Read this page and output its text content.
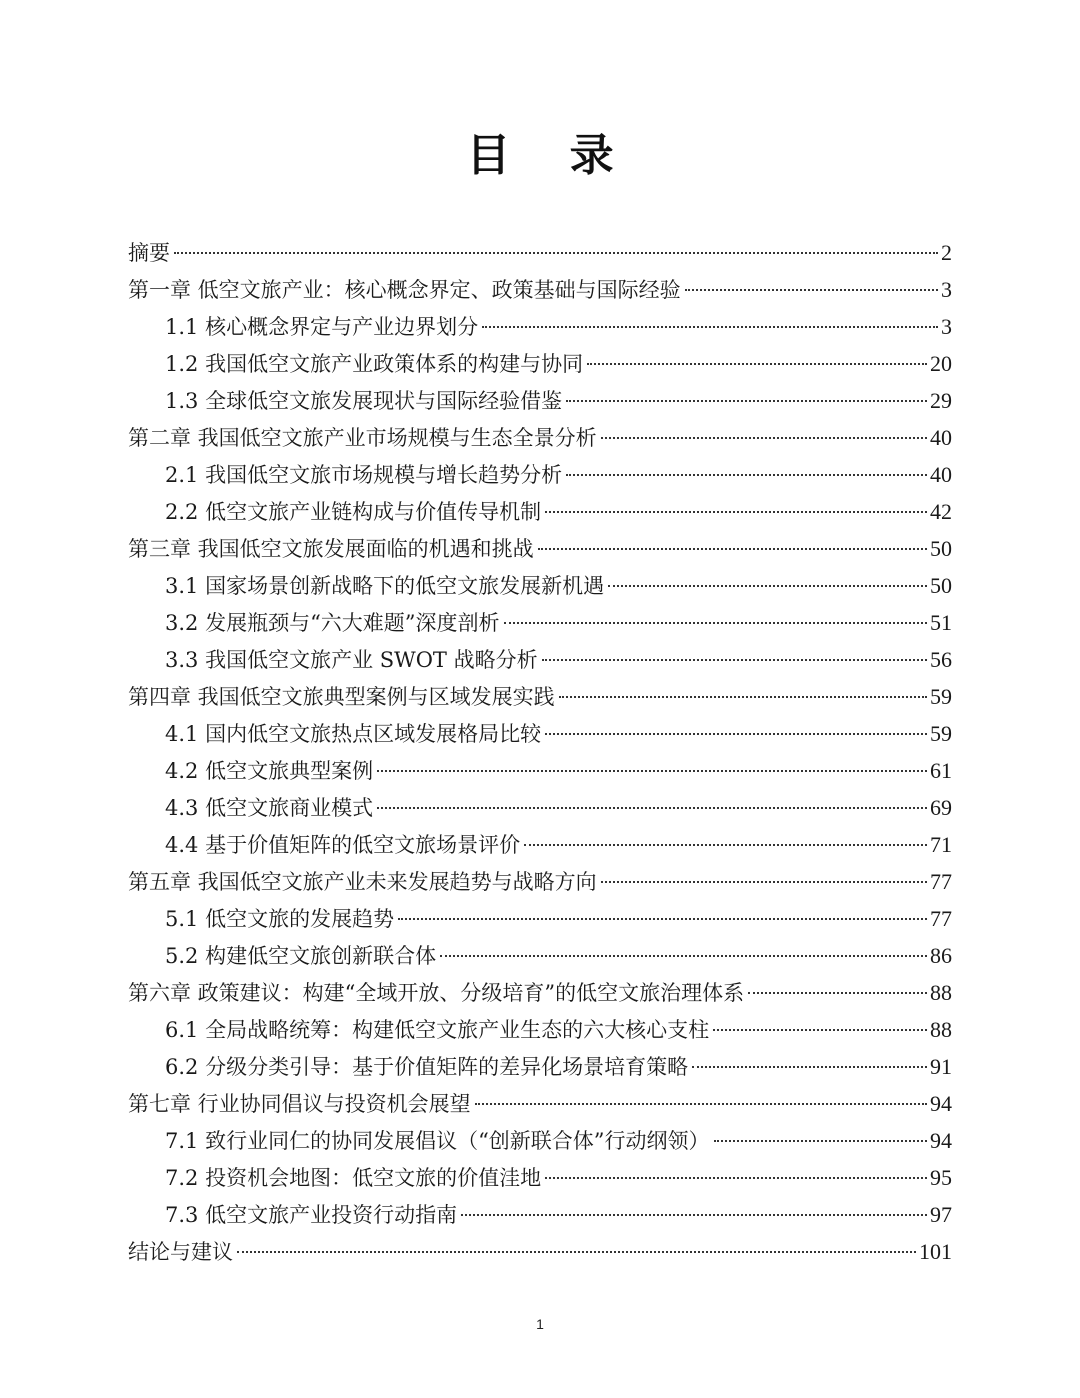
目 录
摘要	2
第一章 低空文旅产业：核心概念界定、政策基础与国际经验	3
1.1 核心概念界定与产业边界划分	3
1.2 我国低空文旅产业政策体系的构建与协同	20
1.3 全球低空文旅发展现状与国际经验借鉴	29
第二章 我国低空文旅产业市场规模与生态全景分析	40
2.1 我国低空文旅市场规模与增长趋势分析	40
2.2 低空文旅产业链构成与价值传导机制	42
第三章 我国低空文旅发展面临的机遇和挑战	50
3.1 国家场景创新战略下的低空文旅发展新机遇	50
3.2 发展瓶颈与“六大难题”深度剖析	51
3.3 我国低空文旅产业 SWOT 战略分析	56
第四章 我国低空文旅典型案例与区域发展实践	59
4.1 国内低空文旅热点区域发展格局比较	59
4.2 低空文旅典型案例	61
4.3 低空文旅商业模式	69
4.4 基于价值矩阵的低空文旅场景评价	71
第五章 我国低空文旅产业未来发展趋势与战略方向	77
5.1 低空文旅的发展趋势	77
5.2 构建低空文旅创新联合体	86
第六章 政策建议：构建“全域开放、分级培育”的低空文旅治理体系	88
6.1 全局战略统筹：构建低空文旅产业生态的六大核心支柱	88
6.2 分级分类引导：基于价值矩阵的差异化场景培育策略	91
第七章 行业协同倡议与投资机会展望	94
7.1 致行业同仁的协同发展倡议（“创新联合体”行动纲领）	94
7.2 投资机会地图：低空文旅的价值洼地	95
7.3 低空文旅产业投资行动指南	97
结论与建议	101
1
